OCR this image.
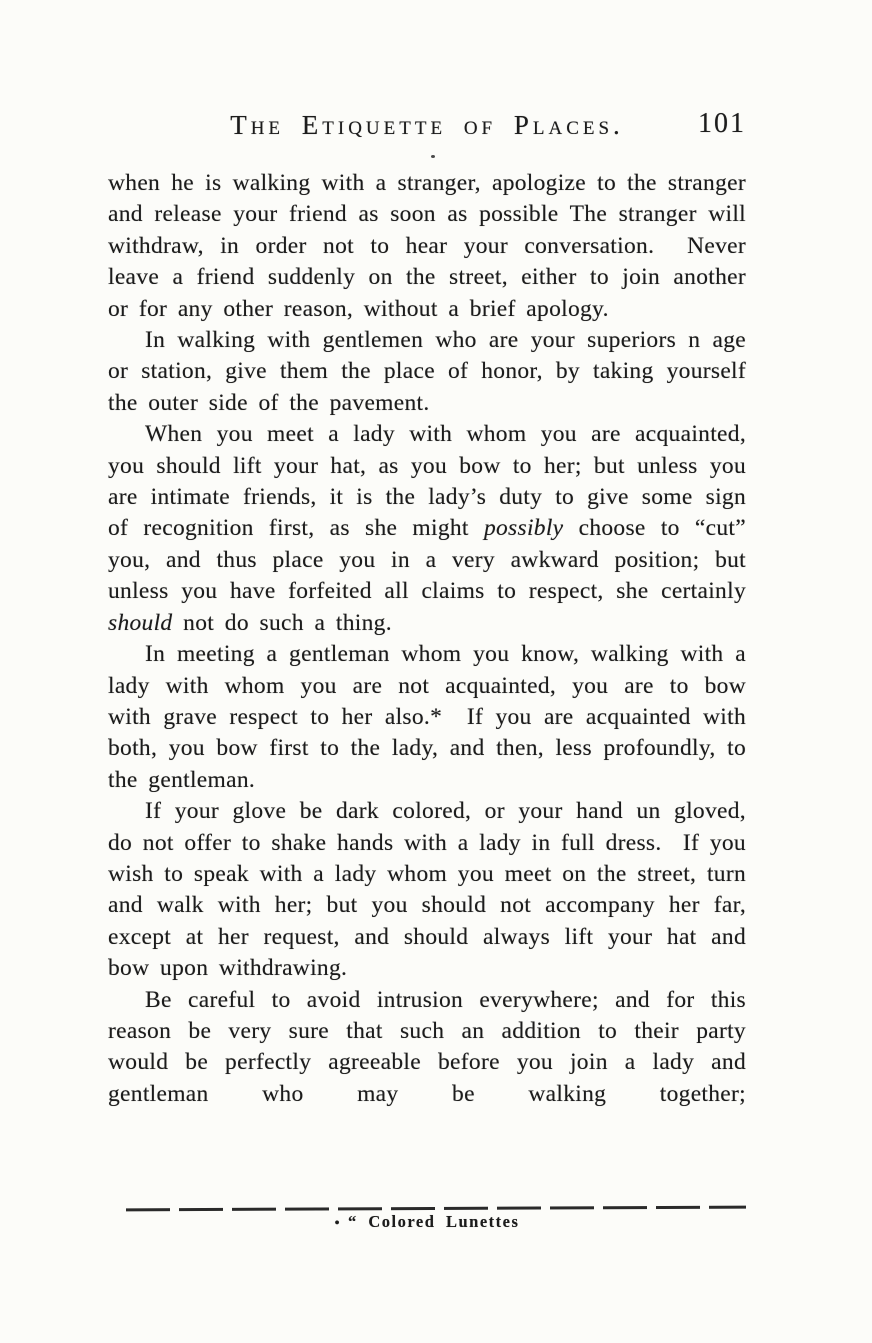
The Etiquette of Places.	101

when he is walking with a stranger, apologize to the stranger and release your friend as soon as possible The stranger will withdraw, in order not to hear your conversation.  Never leave a friend suddenly on the street, either to join another or for any other reason, without a brief apology.

In walking with gentlemen who are your superiors n age or station, give them the place of honor, by taking yourself the outer side of the pavement.

When you meet a lady with whom you are acquainted, you should lift your hat, as you bow to her; but unless you are intimate friends, it is the lady’s duty to give some sign of recognition first, as she might possibly choose to “cut” you, and thus place you in a very awkward position; but unless you have forfeited all claims to respect, she certainly should not do such a thing.

In meeting a gentleman whom you know, walking with a lady with whom you are not acquainted, you are to bow with grave respect to her also.*  If you are acquainted with both, you bow first to the lady, and then, less profoundly, to the gentleman.

If your glove be dark colored, or your hand un gloved, do not offer to shake hands with a lady in full dress.  If you wish to speak with a lady whom you meet on the street, turn and walk with her; but you should not accompany her far, except at her request, and should always lift your hat and bow upon withdrawing.

Be careful to avoid intrusion everywhere; and for this reason be very sure that such an addition to their party would be perfectly agreeable before you join a lady and gentleman who may be walking together;

• “ Colored Lunettes
